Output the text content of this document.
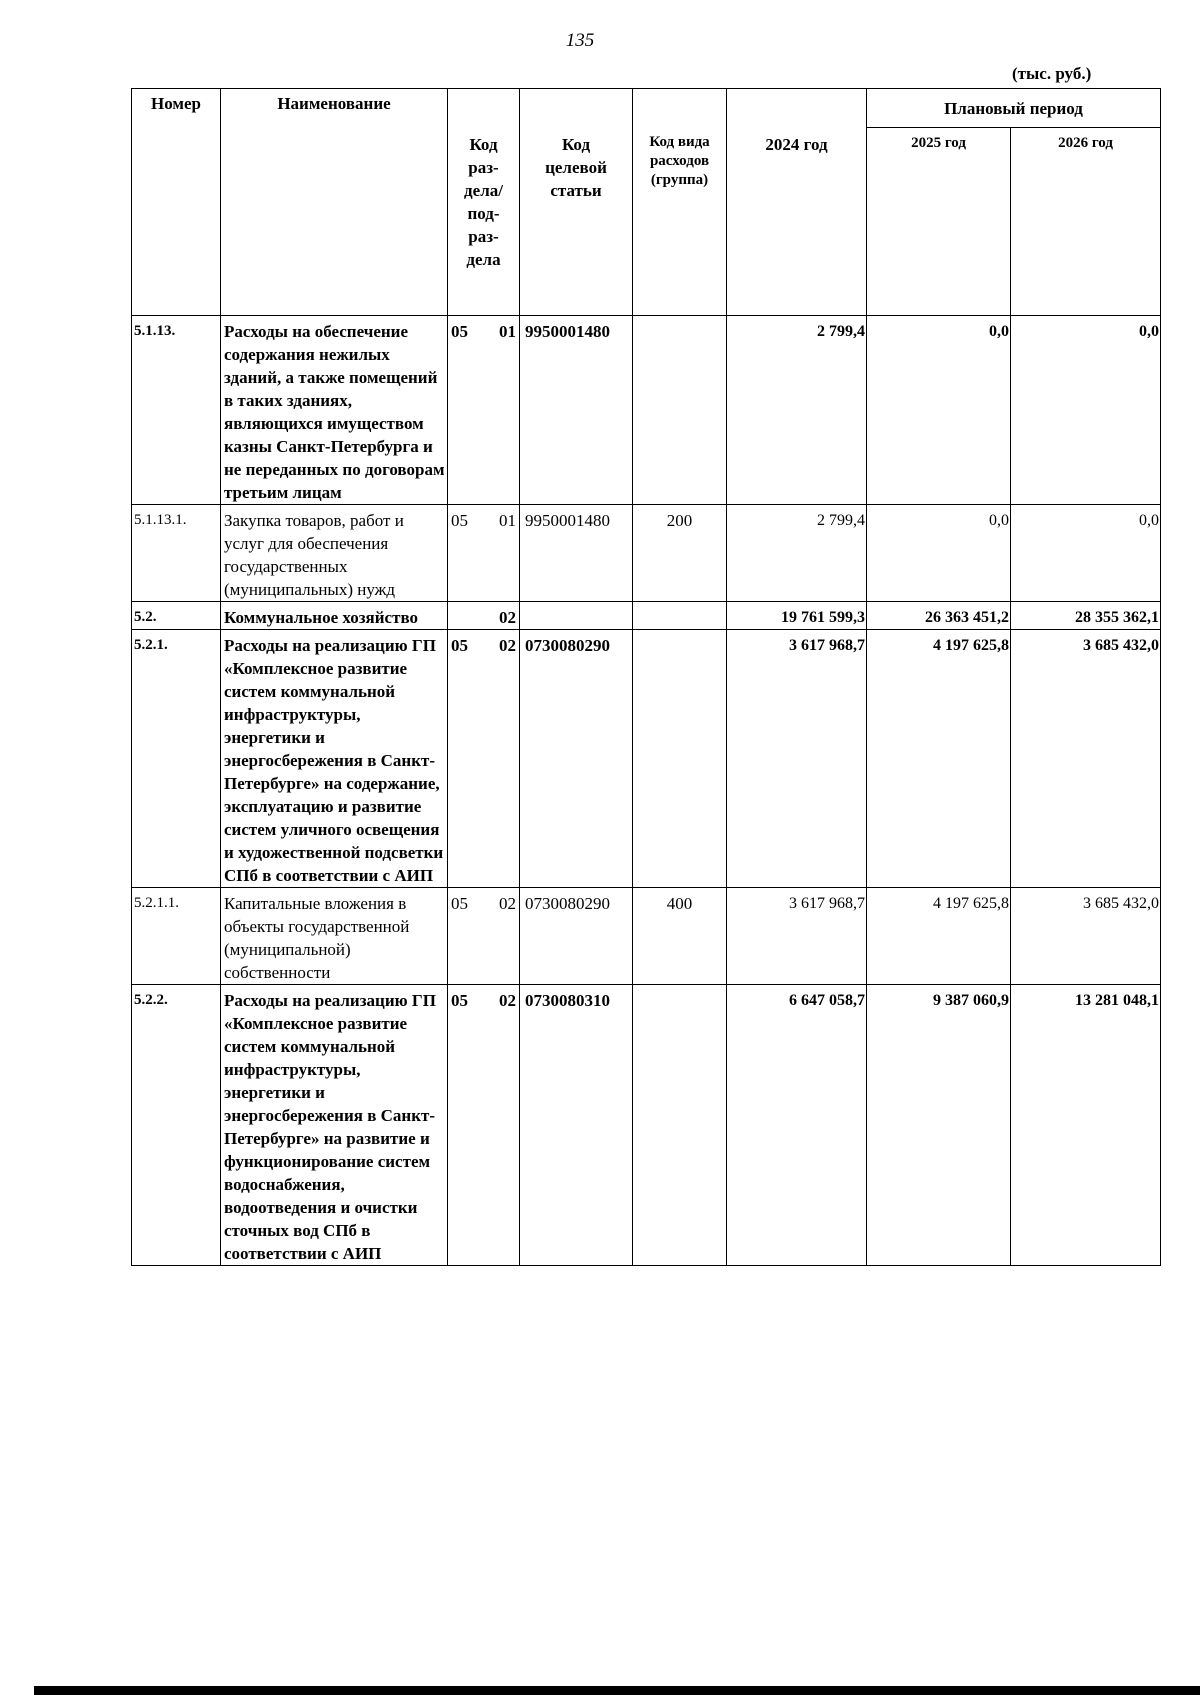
135
(тыс. руб.)
Номер	Наименование	Код раз-дела/ под-раз-дела		Код целевой статьи	Код вида расходов (группа)	2024 год	Плановый период	
							2025 год	2026 год
5.1.13.	Расходы на обеспечение содержания нежилых зданий, а также помещений в таких зданиях, являющихся имуществом казны Санкт-Петербурга и не переданных по договорам третьим лицам	05	01	9950001480		2 799,4	0,0	0,0
5.1.13.1.	Закупка товаров, работ и услуг для обеспечения государственных (муниципальных) нужд	05	01	9950001480	200	2 799,4	0,0	0,0
5.2.	Коммунальное хозяйство		02			19 761 599,3	26 363 451,2	28 355 362,1
5.2.1.	Расходы на реализацию ГП «Комплексное развитие систем коммунальной инфраструктуры, энергетики и энергосбережения в Санкт-Петербурге» на содержание, эксплуатацию и развитие систем уличного освещения и художественной подсветки СПб в соответствии с АИП	05	02	0730080290		3 617 968,7	4 197 625,8	3 685 432,0
5.2.1.1.	Капитальные вложения в объекты государственной (муниципальной) собственности	05	02	0730080290	400	3 617 968,7	4 197 625,8	3 685 432,0
5.2.2.	Расходы на реализацию ГП «Комплексное развитие систем коммунальной инфраструктуры, энергетики и энергосбережения в Санкт-Петербурге» на развитие и функционирование систем водоснабжения, водоотведения и очистки сточных вод СПб в соответствии с АИП	05	02	0730080310		6 647 058,7	9 387 060,9	13 281 048,1
